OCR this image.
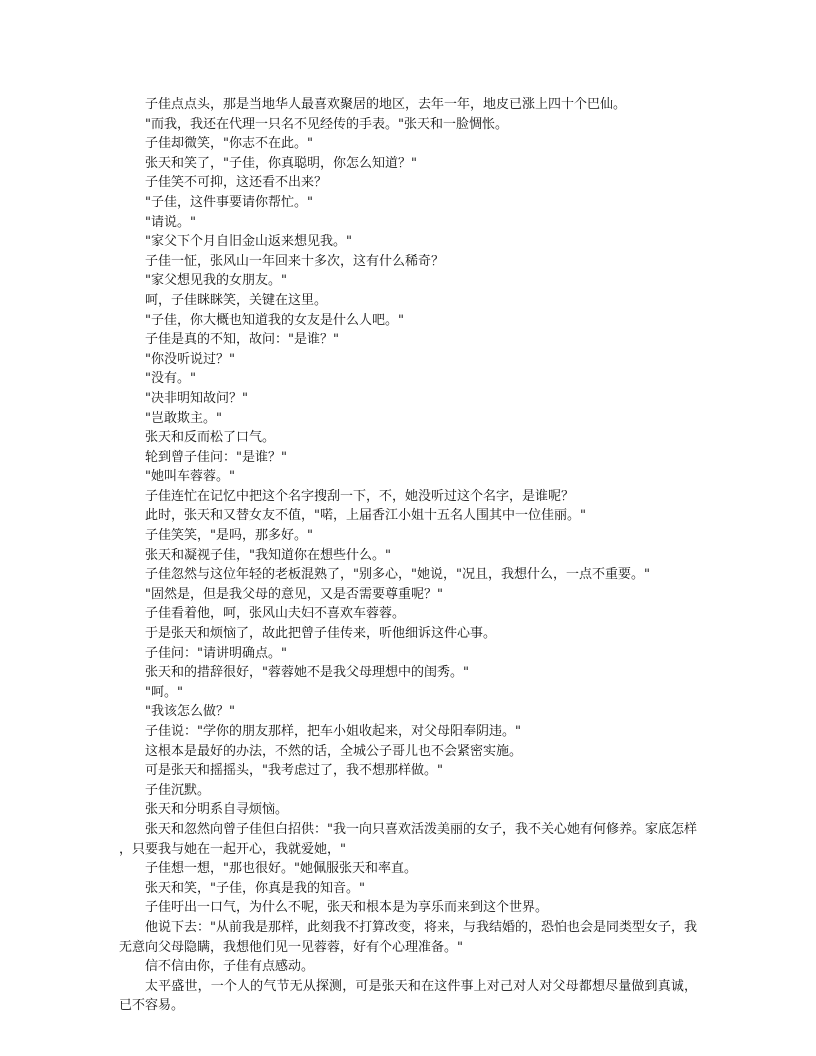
子佳点点头，那是当地华人最喜欢聚居的地区，去年一年，地皮已涨上四十个巴仙。

"而我，我还在代理一只名不见经传的手表。"张天和一脸惆怅。

子佳却微笑，"你志不在此。"

张天和笑了，"子佳，你真聪明，你怎么知道？"

子佳笑不可抑，这还看不出来？

"子佳，这件事要请你帮忙。"

"请说。"

"家父下个月自旧金山返来想见我。"

子佳一怔，张风山一年回来十多次，这有什么稀奇？

"家父想见我的女朋友。"

呵，子佳眯眯笑，关键在这里。

"子佳，你大概也知道我的女友是什么人吧。"

子佳是真的不知，故问："是谁？"

"你没听说过？"

"没有。"

"决非明知故问？"

"岂敢欺主。"

张天和反而松了口气。

轮到曾子佳问："是谁？"

"她叫车蓉蓉。"

子佳连忙在记忆中把这个名字搜刮一下，不，她没听过这个名字，是谁呢？

此时，张天和又替女友不值，"喏，上届香江小姐十五名人围其中一位佳丽。"

子佳笑笑，"是吗，那多好。"

张天和凝视子佳，"我知道你在想些什么。"

子佳忽然与这位年轻的老板混熟了，"别多心，"她说，"况且，我想什么，一点不重要。"

"固然是，但是我父母的意见，又是否需要尊重呢？"

子佳看着他，呵，张风山夫妇不喜欢车蓉蓉。

于是张天和烦恼了，故此把曾子佳传来，听他细诉这件心事。

子佳问："请讲明确点。"

张天和的措辞很好，"蓉蓉她不是我父母理想中的闺秀。"

"呵。"

"我该怎么做？"

子佳说："学你的朋友那样，把车小姐收起来，对父母阳奉阴违。"

这根本是最好的办法，不然的话，全城公子哥儿也不会紧密实施。

可是张天和摇摇头，"我考虑过了，我不想那样做。"

子佳沉默。

张天和分明系自寻烦恼。

张天和忽然向曾子佳但白招供："我一向只喜欢活泼美丽的女子，我不关心她有何修养。家底怎样，只要我与她在一起开心，我就爱她，"

子佳想一想，"那也很好。"她佩服张天和率直。

张天和笑，"子佳，你真是我的知音。"

子佳吁出一口气，为什么不呢，张天和根本是为享乐而来到这个世界。

他说下去："从前我是那样，此刻我不打算改变，将来，与我结婚的，恐怕也会是同类型女子，我无意向父母隐瞒，我想他们见一见蓉蓉，好有个心理准备。"

信不信由你，子佳有点感动。

太平盛世，一个人的气节无从探测，可是张天和在这件事上对己对人对父母都想尽量做到真诚，已不容易。
